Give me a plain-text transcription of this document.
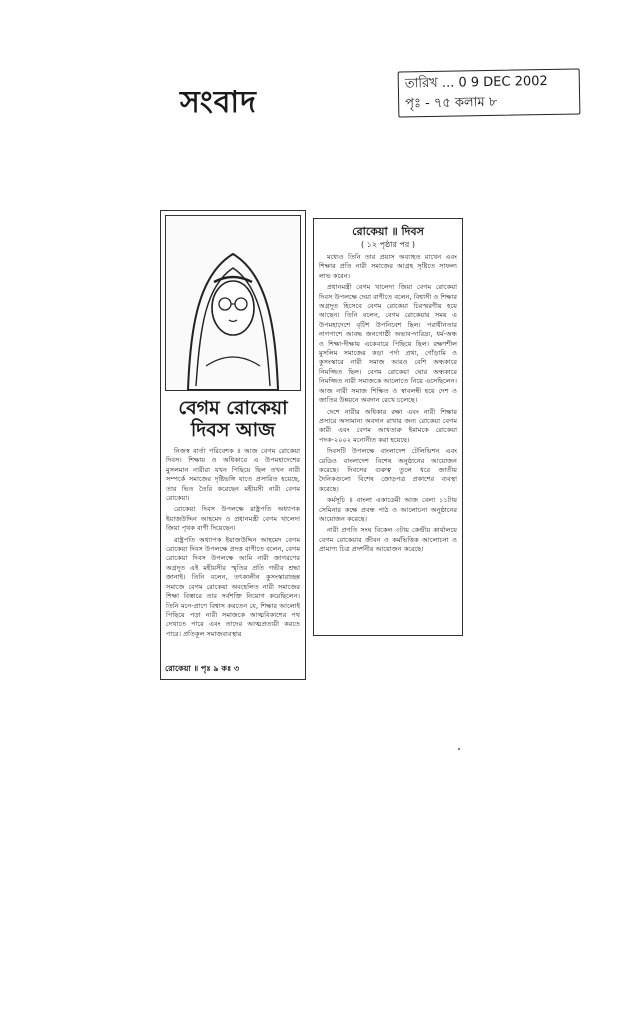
সংবাদ
তারিখ ... 0 9 DEC 2002
পৃঃ - ৭৫ কলাম ৮
বেগম রোকেয়া
দিবস আজ

নিজস্ব বার্তা পরিবেশক ॥ আজ বেগম রোকেয়া দিবস। শিক্ষায় ও অধিকারে এ উপমহাদেশের মুসলমান নারীরা যখন পিছিয়ে ছিল তখন নারী সম্পর্কে সমাজের দৃষ্টিভঙ্গি যাতে প্রসারিত হয়েছে, তার ভিত তৈরি করেছেন মহীয়সী নারী বেগম রোকেয়া।

রোকেয়া দিবস উপলক্ষে রাষ্ট্রপতি অধ্যাপক ইয়াজউদ্দিন আহমেদ ও প্রধানমন্ত্রী বেগম খালেদা জিয়া পৃথক বাণী দিয়েছেন।

রাষ্ট্রপতি অধ্যাপক ইয়াজউদ্দিন আহমেদ বেগম রোকেয়া দিবস উপলক্ষে প্রদত্ত বাণীতে বলেন, বেগম রোকেয়া দিবস উপলক্ষে আমি নারী জাগরণের অগ্রদূত এই মহীয়সীর স্মৃতির প্রতি গভীর শ্রদ্ধা জানাই। তিনি বলেন, তৎকালীন কুসংস্কারাচ্ছন্ন সমাজে বেগম রোকেয়া অবহেলিত নারী সমাজের শিক্ষা বিস্তারে তার সর্বশক্তি নিয়োগ করেছিলেন। তিনি মনে-প্রাণে বিশ্বাস করতেন যে, শিক্ষার আলোই পিছিয়ে পড়া নারী সমাজকে আত্মবিকাশের পথ দেখাতে পারে এবং তাদের আত্মপ্রত্যয়ী করতে পারে। প্রতিকূল সমাজব্যবস্থার

রোকেয়া ॥ পৃঃ ৯ কঃ ৩
রোকেয়া ॥ দিবস
( ১২ পৃষ্ঠার পর )

মধ্যেও তিনি তার প্রয়াস অব্যাহত রাখেন এবং শিক্ষার প্রতি নারী সমাজের আগ্রহ সৃষ্টিতে সাফল্য লাভ করেন।

প্রধানমন্ত্রী বেগম খালেদা জিয়া বেগম রোকেয়া দিবস উপলক্ষে দেয়া বাণীতে বলেন, বিশ্বাসী ও শিক্ষার অগ্রদূত হিসেবে বেগম রোকেয়া চিরস্মরণীয় হয়ে আছেন। তিনি বলেন, বেগম রোকেয়ার সময় এ উপমহাদেশে বৃটিশ উপনিবেশ ছিল। পরাধীনতার নাগপাশে আবদ্ধ জনগোষ্ঠী অভাব-দারিদ্র্য, ধর্ম-অন্ধ ও শিক্ষা-দীক্ষায় একেবারে পিছিয়ে ছিল। রক্ষণশীল মুসলিম সমাজের কড়া পর্দা প্রথা, গোঁড়ামি ও কুসংস্কারে নারী সমাজ আরও বেশি অন্ধকারে নিমজ্জিত ছিল। বেগম রোকেয়া ঘোর অন্ধকারে নিমজ্জিত নারী সমাজকে আলোতে নিয়ে এসেছিলেন। আজ নারী সমাজ শিক্ষিত ও স্বাবলম্বী হয়ে দেশ ও জাতির উন্নয়নে অবদান রেখে চলেছে।

দেশে নারীর অধিকার রক্ষা এবং নারী শিক্ষার প্রসারে অসামান্য অবদান রাখার জন্য রোকেয়া বেগম কারী এবং বেগম আখতারু ইমামকে রোকেয়া পদক-২০০২ মনোনীত করা হয়েছে।

দিবসটি উপলক্ষে বাংলাদেশ টেলিভিশন এবং রেডিও বাংলাদেশ বিশেষ অনুষ্ঠানের আয়োজন করেছে। দিবসের গুরুত্ব তুলে ধরে জাতীয় দৈনিকগুলো বিশেষ ক্রোড়পত্র প্রকাশের ব্যবস্থা করেছে।

কর্মসূচি ॥ বাংলা একাডেমী আজ বেলা ১১টায় সেমিনার কক্ষে প্রবন্ধ পাঠ ও আলোচনা অনুষ্ঠানের আয়োজন করেছে।

নারী প্রগতি সংঘ বিকেল ৩টায় কেন্দ্রীয় কার্যালয়ে বেগম রোকেয়ার জীবন ও কর্মভিত্তিক আলোচনা ও প্রামাণ্য চিত্র প্রদর্শনীর আয়োজন করেছে।
